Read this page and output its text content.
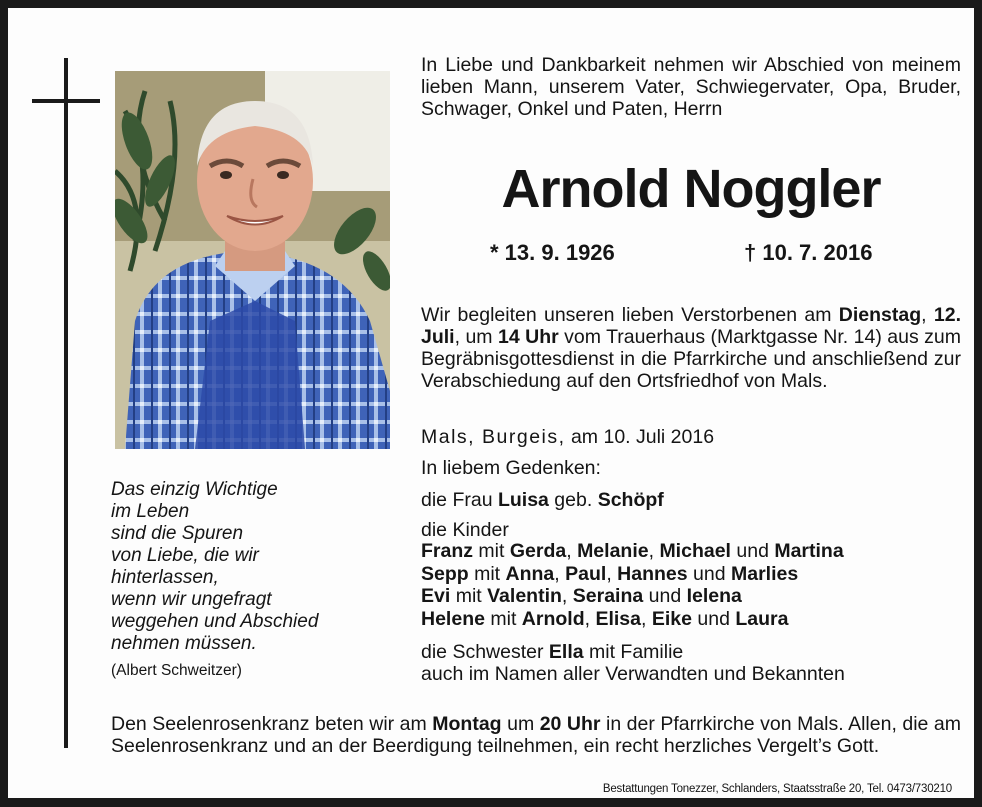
In Liebe und Dankbarkeit nehmen wir Abschied von meinem lieben Mann, unserem Vater, Schwiegervater, Opa, Bruder, Schwager, Onkel und Paten, Herrn
Arnold Noggler
* 13. 9. 1926	† 10. 7. 2016
Wir begleiten unseren lieben Verstorbenen am Dienstag, 12. Juli, um 14 Uhr vom Trauerhaus (Marktgasse Nr. 14) aus zum Begräbnisgottesdienst in die Pfarrkirche und anschließend zur Verabschiedung auf den Ortsfriedhof von Mals.
Mals, Burgeis, am 10. Juli 2016
In liebem Gedenken:
die Frau Luisa geb. Schöpf
die Kinder
Franz mit Gerda, Melanie, Michael und Martina
Sepp mit Anna, Paul, Hannes und Marlies
Evi mit Valentin, Seraina und Ielena
Helene mit Arnold, Elisa, Eike und Laura
die Schwester Ella mit Familie
auch im Namen aller Verwandten und Bekannten
Das einzig Wichtige
im Leben
sind die Spuren
von Liebe, die wir
hinterlassen,
wenn wir ungefragt
weggehen und Abschied
nehmen müssen.
(Albert Schweitzer)
Den Seelenrosenkranz beten wir am Montag um 20 Uhr in der Pfarrkirche von Mals. Allen, die am Seelenrosenkranz und an der Beerdigung teilnehmen, ein recht herzliches Vergelt’s Gott.
Bestattungen Tonezzer, Schlanders, Staatsstraße 20, Tel. 0473/730210
